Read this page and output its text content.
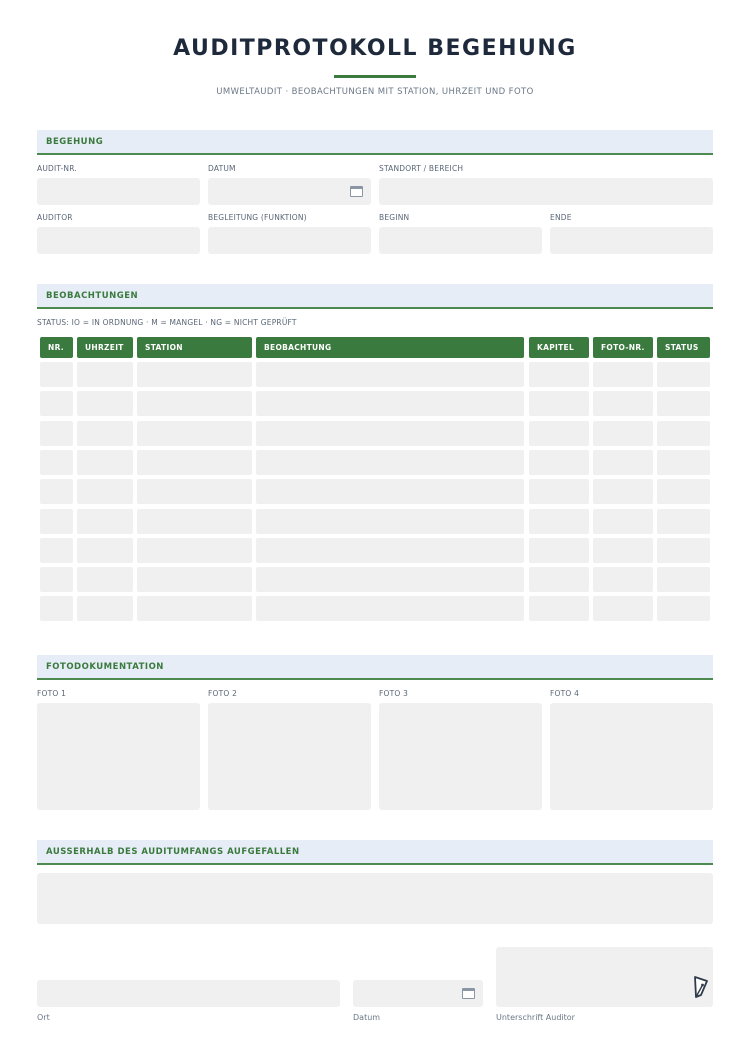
AUDITPROTOKOLL BEGEHUNG
UMWELTAUDIT · BEOBACHTUNGEN MIT STATION, UHRZEIT UND FOTO
BEGEHUNG
AUDIT-NR.	DATUM	STANDORT / BEREICH
AUDITOR	BEGLEITUNG (FUNKTION)	BEGINN	ENDE
BEOBACHTUNGEN
STATUS: IO = IN ORDNUNG · M = MANGEL · NG = NICHT GEPRÜFT
NR.	UHRZEIT	STATION	BEOBACHTUNG	KAPITEL	FOTO-NR.	STATUS
FOTODOKUMENTATION
FOTO 1	FOTO 2	FOTO 3	FOTO 4
AUSSERHALB DES AUDITUMFANGS AUFGEFALLEN
Ort	Datum	Unterschrift Auditor
